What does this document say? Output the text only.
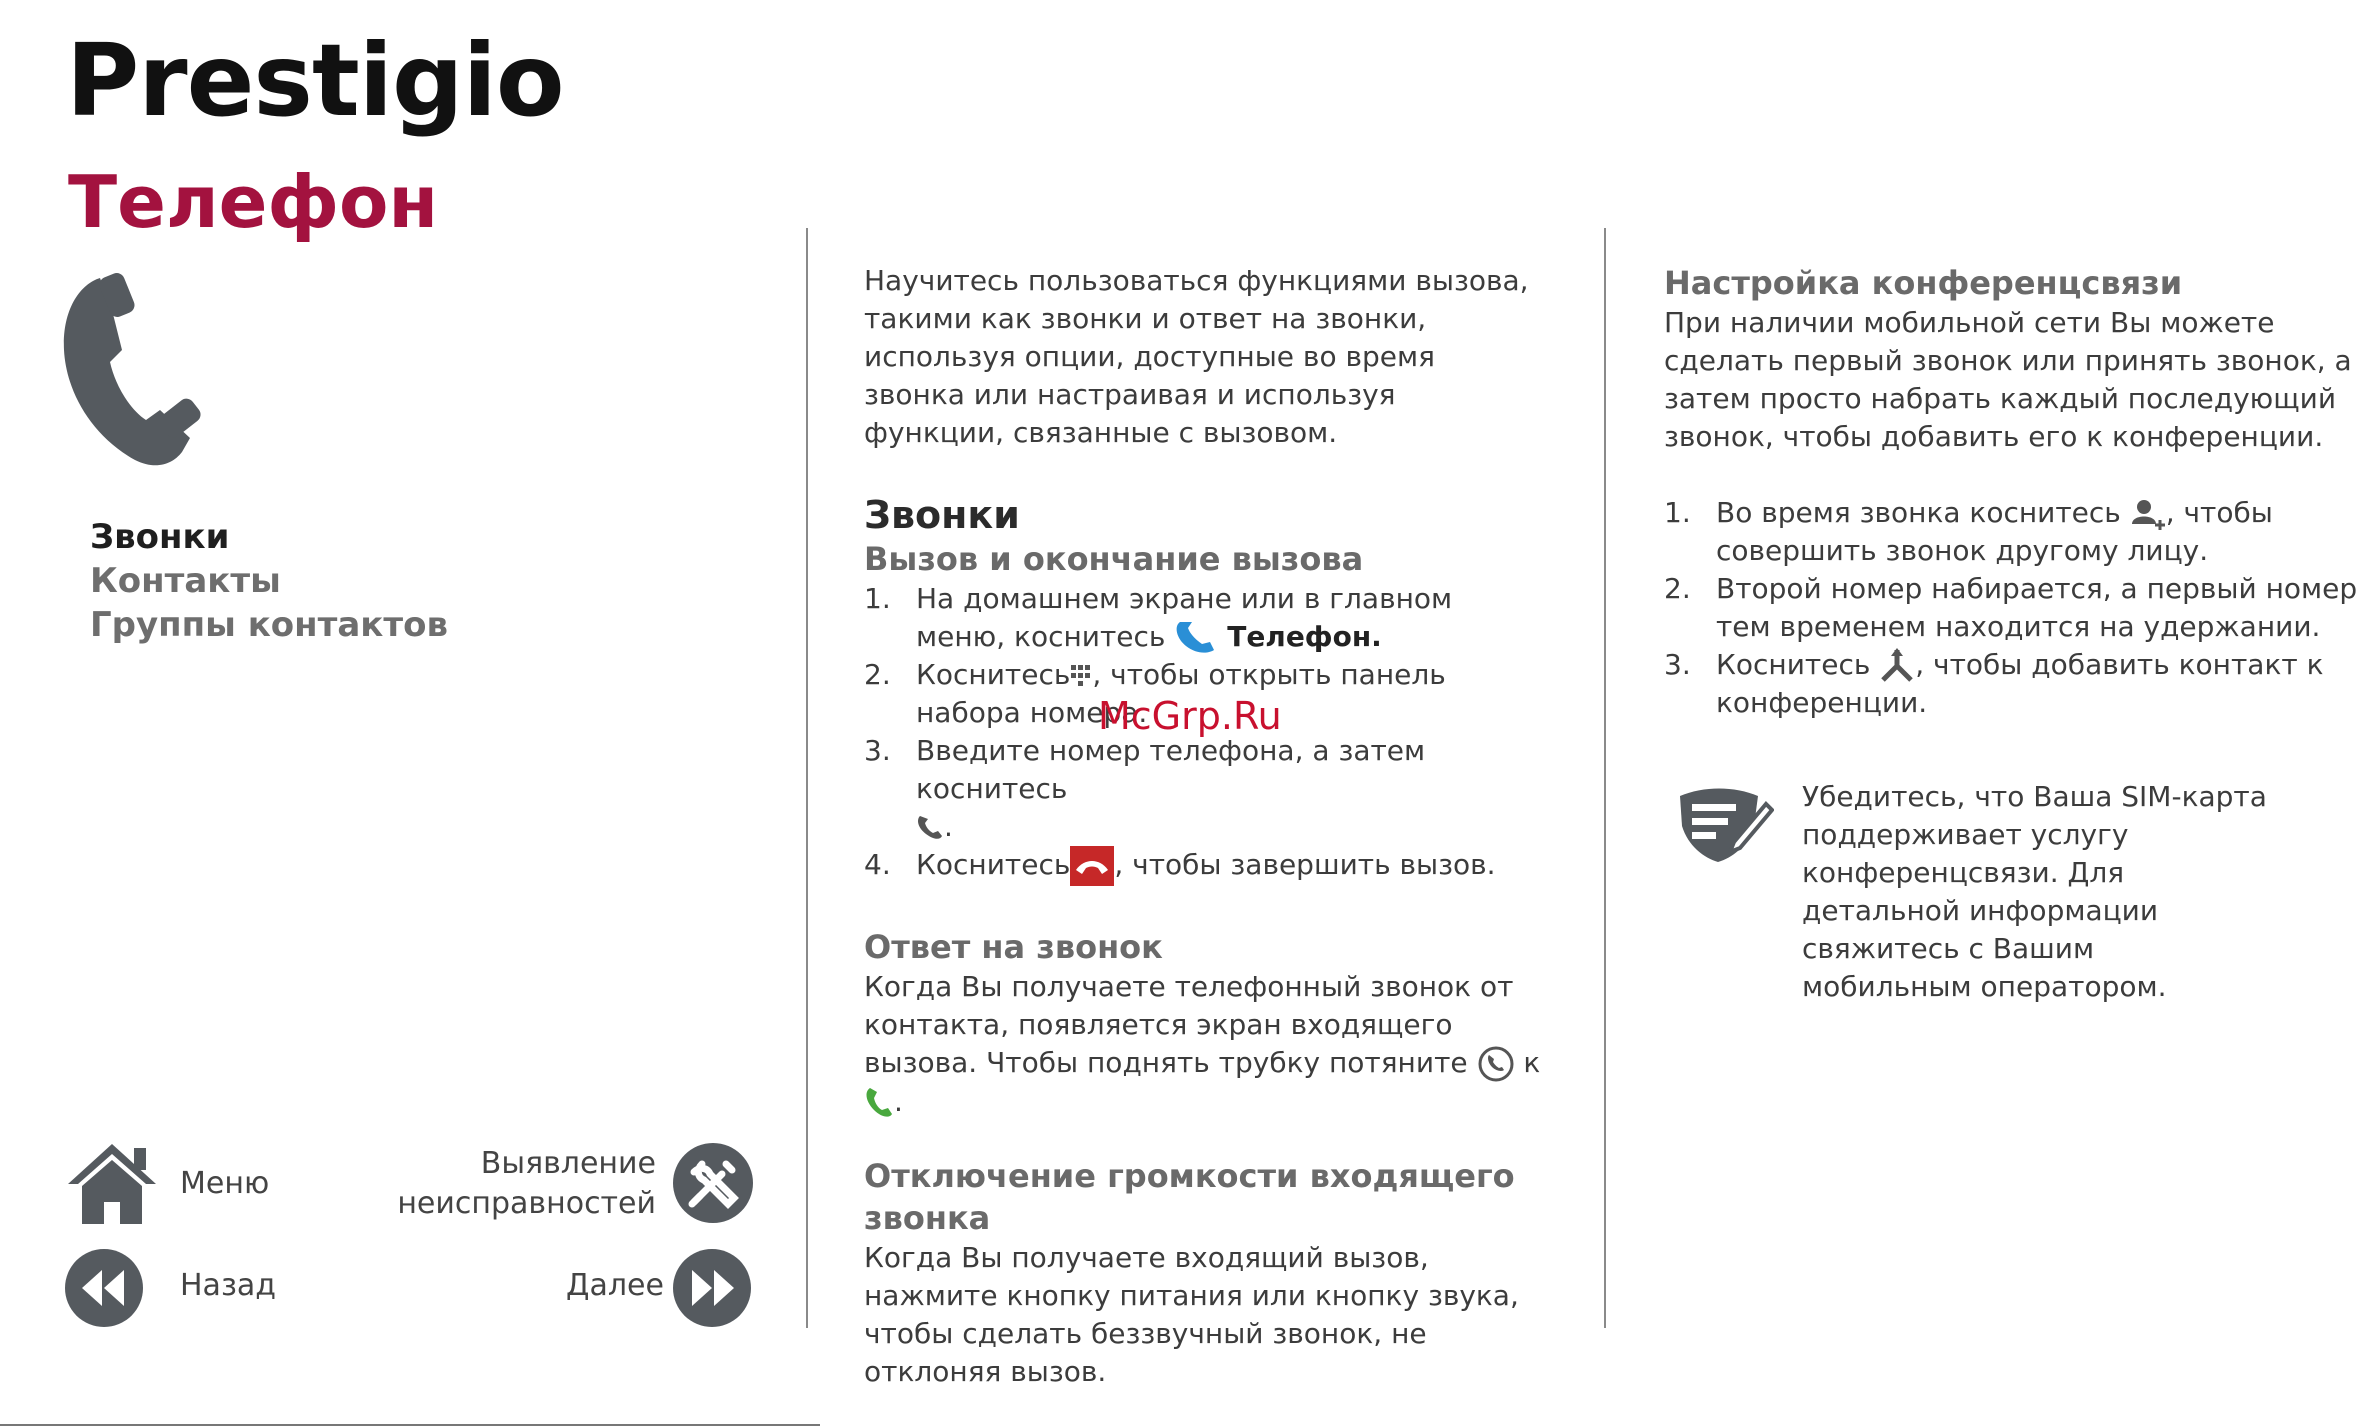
Prestigio
Телефон
Звонки
Контакты
Группы контактов
Меню
Выявление
неисправностей
Назад	Далее

Научитесь пользоваться функциями вызова, такими как звонки и ответ на звонки, используя опции, доступные во время звонка или настраивая и используя функции, связанные с вызовом.

Звонки
Вызов и окончание вызова
1. На домашнем экране или в главном меню, коснитесь Телефон.
2. Коснитесь , чтобы открыть панель набора номера.
3. Введите номер телефона, а затем коснитесь
.
4. Коснитесь , чтобы завершить вызов.
Ответ на звонок

Когда Вы получаете телефонный звонок от контакта, появляется экран входящего вызова. Чтобы поднять трубку потяните к .

Отключение громкости входящего звонка

Когда Вы получаете входящий вызов, нажмите кнопку питания или кнопку звука, чтобы сделать беззвучный звонок, не отклоняя вызов.

McGrp.Ru
Настройка конференцсвязи

При наличии мобильной сети Вы можете сделать первый звонок или принять звонок, а затем просто набрать каждый последующий звонок, чтобы добавить его к конференции.

1. Во время звонка коснитесь , чтобы совершить звонок другому лицу.
2. Второй номер набирается, а первый номер тем временем находится на удержании.
3. Коснитесь , чтобы добавить контакт к конференции.

Убедитесь, что Ваша SIM-карта поддерживает услугу конференцсвязи. Для детальной информации свяжитесь с Вашим мобильным оператором.
